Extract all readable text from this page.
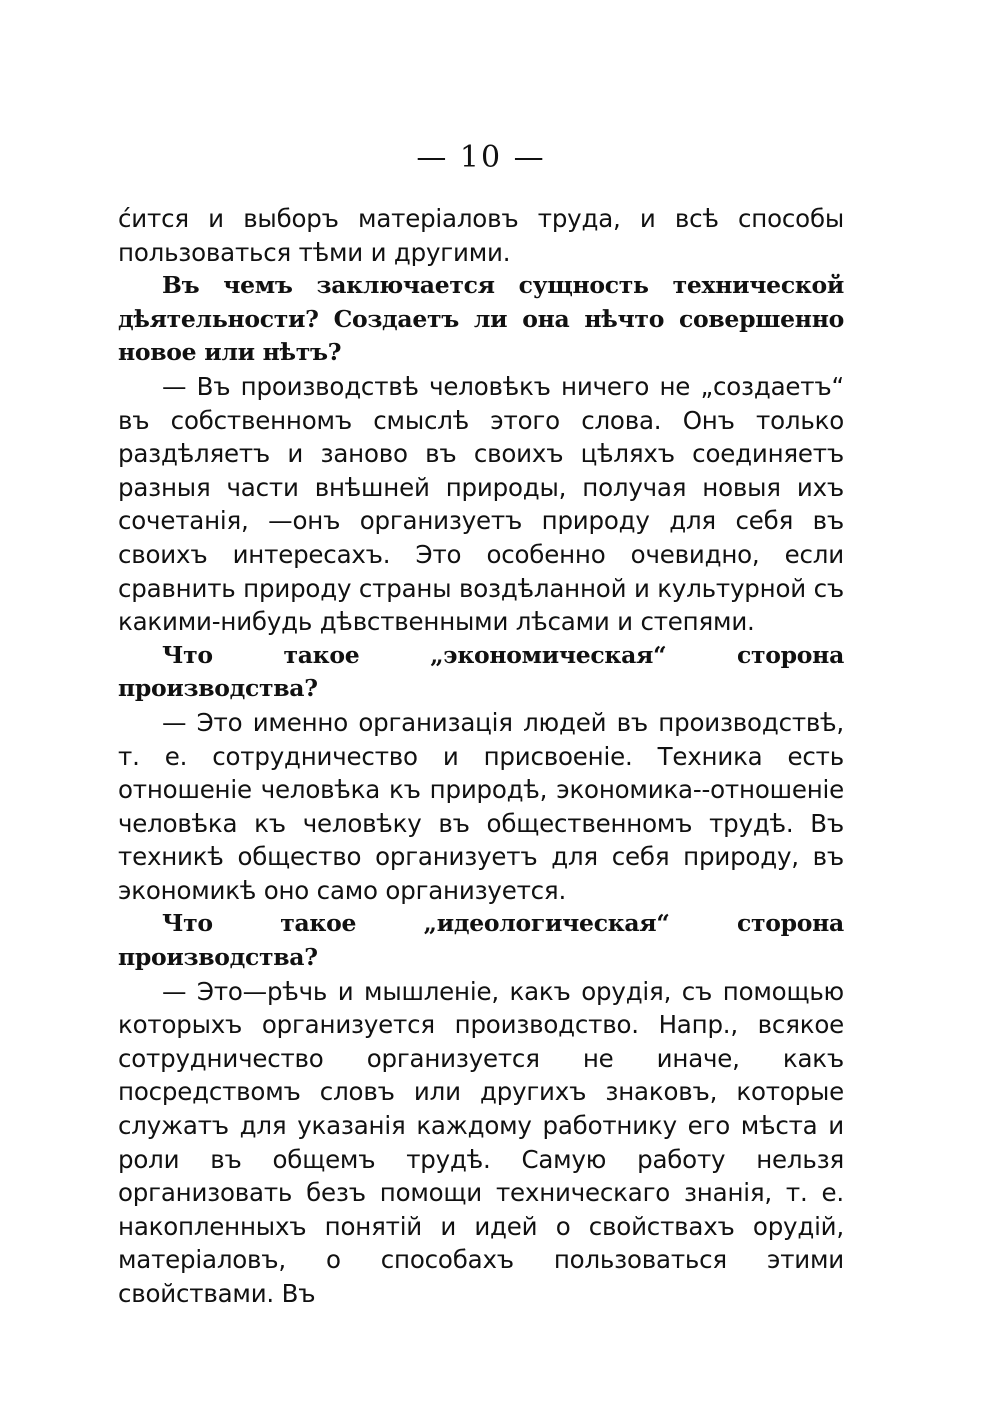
— 10 —

ćится и выборъ матеріаловъ труда, и всѣ способы пользоваться тѣми и другими.

Въ чемъ заключается сущность технической дѣятельности? Создаетъ ли она нѣчто совершенно новое или нѣтъ?

— Въ производствѣ человѣкъ ничего не „создаетъ“ въ собственномъ смыслѣ этого слова. Онъ только раздѣляетъ и заново въ своихъ цѣляхъ соединяетъ разныя части внѣшней природы, получая новыя ихъ сочетанія, —онъ организуетъ природу для себя въ своихъ интересахъ. Это особенно очевидно, если сравнить природу страны воздѣланной и культурной съ какими-нибудь дѣвственными лѣсами и степями.

Что такое „экономическая“ сторона производства?

— Это именно организація людей въ производствѣ, т. е. сотрудничество и присвоеніе. Техника есть отношеніе человѣка къ природѣ, экономика--отношеніе человѣка къ человѣку въ общественномъ трудѣ. Въ техникѣ общество организуетъ для себя природу, въ экономикѣ оно само организуется.

Что такое „идеологическая“ сторона производства?

— Это—рѣчь и мышленіе, какъ орудія, съ помощью которыхъ организуется производство. Напр., всякое сотрудничество организуется не иначе, какъ посредствомъ словъ или другихъ знаковъ, которые служатъ для указанія каждому работнику его мѣста и роли въ общемъ трудѣ. Самую работу нельзя организовать безъ помощи техническаго знанія, т. е. накопленныхъ понятій и идей о свойствахъ орудій, матеріаловъ, о способахъ пользоваться этими свойствами. Въ
